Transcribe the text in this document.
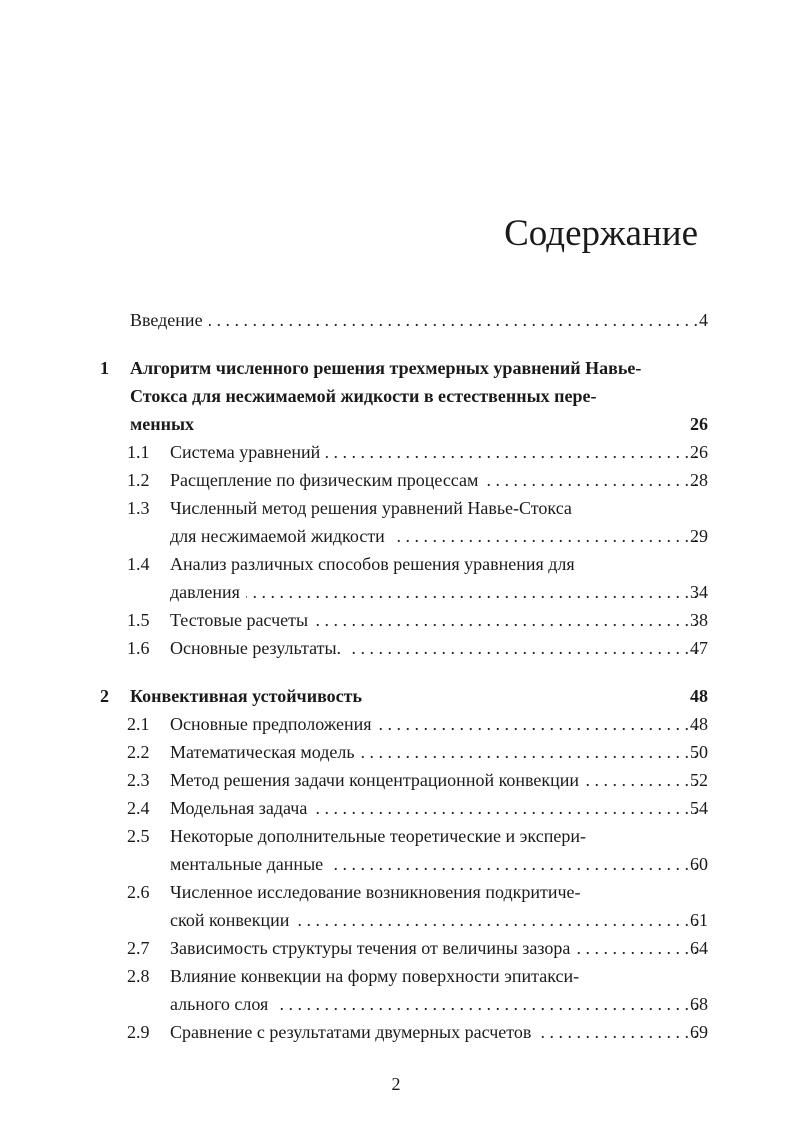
Содержание
Введение . . .	4
1 Алгоритм численного решения трехмерных уравнений Навье-
Стокса для несжимаемой жидкости в естественных пере-
менных	26
1.1 Система уравнений . . .	26
1.2 Расщепление по физическим процессам . . .	28
1.3 Численный метод решения уравнений Навье-Стокса
для несжимаемой жидкости . . .	29
1.4 Анализ различных способов решения уравнения для
давления . . .	34
1.5 Тестовые расчеты . . .	38
1.6 Основные результаты. . . .	47
2 Конвективная устойчивость	48
2.1 Основные предположения . . .	48
2.2 Математическая модель . . .	50
2.3 Метод решения задачи концентрационной конвекции . . .	52
2.4 Модельная задача . . .	54
2.5 Некоторые дополнительные теоретические и экспери-
ментальные данные . . .	60
2.6 Численное исследование возникновения подкритиче-
ской конвекции . . .	61
2.7 Зависимость структуры течения от величины зазора . . .	64
2.8 Влияние конвекции на форму поверхности эпитакси-
ального слоя . . .	68
2.9 Сравнение с результатами двумерных расчетов . . .	69
2
